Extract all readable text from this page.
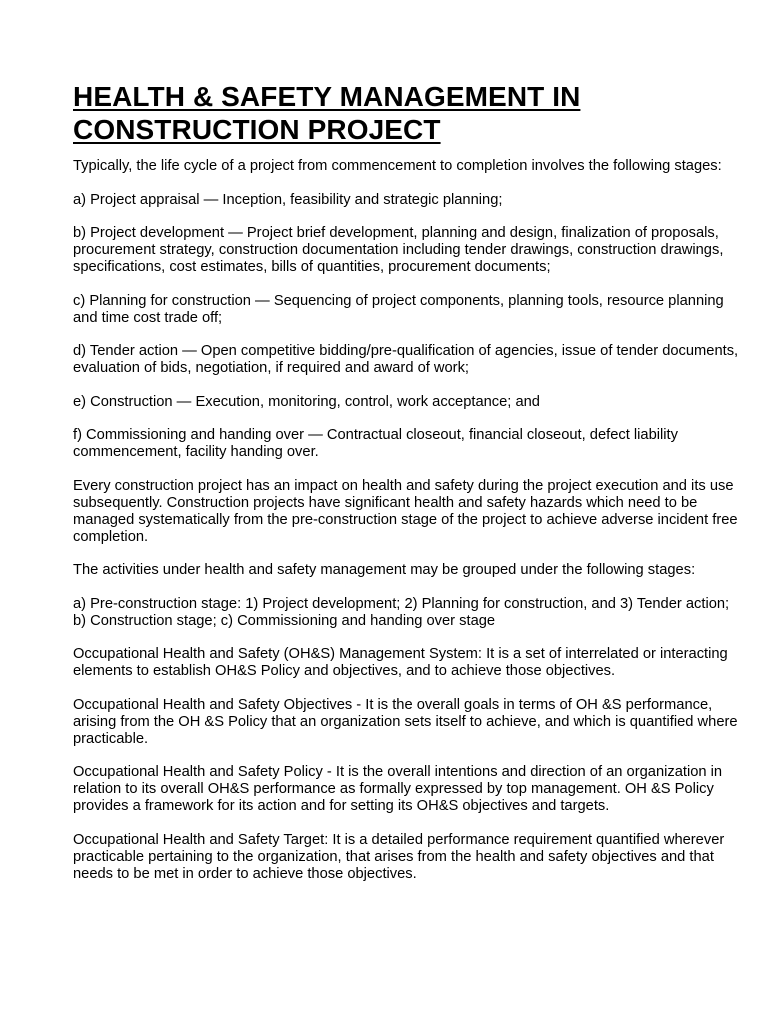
HEALTH & SAFETY MANAGEMENT IN
CONSTRUCTION PROJECT

Typically, the life cycle of a project from commencement to completion involves the following stages:

a) Project appraisal — Inception, feasibility and strategic planning;

b) Project development — Project brief development, planning and design, finalization of proposals, procurement strategy, construction documentation including tender drawings, construction drawings, specifications, cost estimates, bills of quantities, procurement documents;

c) Planning for construction — Sequencing of project components, planning tools, resource planning and time cost trade off;

d) Tender action — Open competitive bidding/pre-qualification of agencies, issue of tender documents, evaluation of bids, negotiation, if required and award of work;

e) Construction — Execution, monitoring, control, work acceptance; and

f) Commissioning and handing over — Contractual closeout, financial closeout, defect liability commencement, facility handing over.

Every construction project has an impact on health and safety during the project execution and its use subsequently. Construction projects have significant health and safety hazards which need to be managed systematically from the pre-construction stage of the project to achieve adverse incident free completion.

The activities under health and safety management may be grouped under the following stages:

a) Pre-construction stage: 1) Project development; 2) Planning for construction, and 3) Tender action; b) Construction stage; c) Commissioning and handing over stage

Occupational Health and Safety (OH&S) Management System: It is a set of interrelated or interacting elements to establish OH&S Policy and objectives, and to achieve those objectives.

Occupational Health and Safety Objectives - It is the overall goals in terms of OH &S performance, arising from the OH &S Policy that an organization sets itself to achieve, and which is quantified where practicable.

Occupational Health and Safety Policy - It is the overall intentions and direction of an organization in relation to its overall OH&S performance as formally expressed by top management. OH &S Policy provides a framework for its action and for setting its OH&S objectives and targets.

Occupational Health and Safety Target: It is a detailed performance requirement quantified wherever practicable pertaining to the organization, that arises from the health and safety objectives and that needs to be met in order to achieve those objectives.
